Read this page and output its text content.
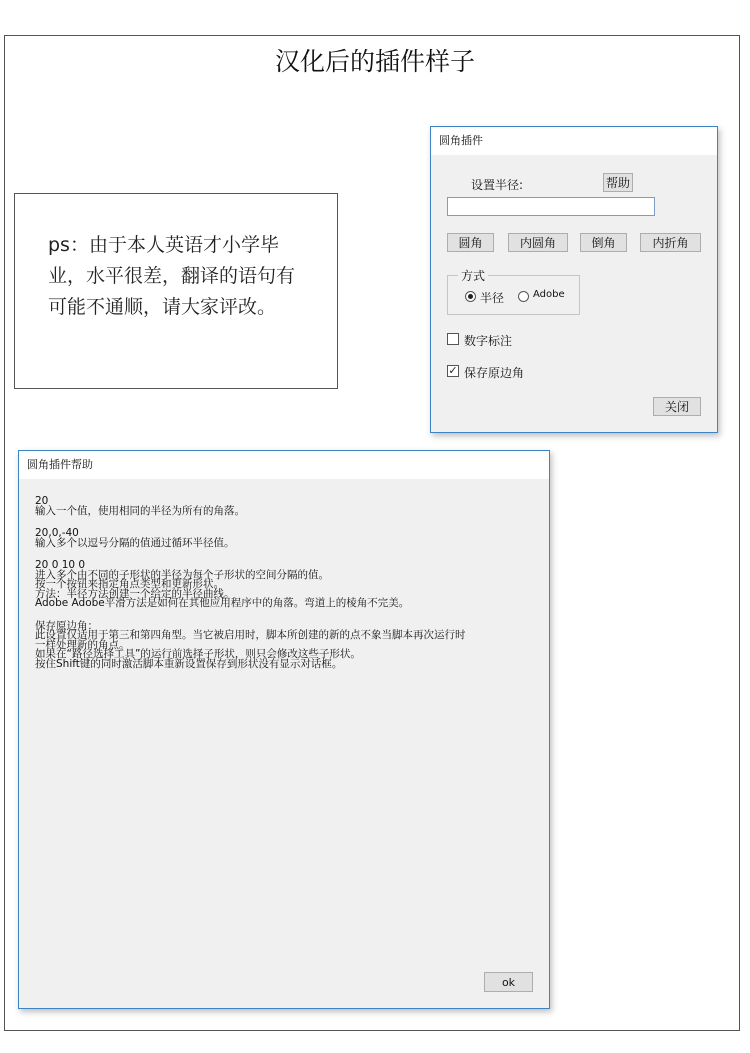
汉化后的插件样子
ps：由于本人英语才小学毕业，水平很差，翻译的语句有可能不通顺，请大家评改。
圆角插件
设置半径:	帮助
圆角	内圆角	倒角	内折角
方式
半径	Adobe
数字标注
✓ 保存原边角
关闭
圆角插件帮助
20
输入一个值，使用相同的半径为所有的角落。
20,0,-40
输入多个以逗号分隔的值通过循环半径值。
20 0 10 0
进入多个由不同的子形状的半径为每个子形状的空间分隔的值。
按一个按钮来指定角点类型和更新形状。
方法：半径方法创建一个给定的半径曲线。
Adobe Adobe平滑方法是如何在其他应用程序中的角落。弯道上的棱角不完美。
保存原边角：
此设置仅适用于第三和第四角型。当它被启用时，脚本所创建的新的点不象当脚本再次运行时
一样处理新的角点。
如果在“路径选择工具”的运行前选择子形状，则只会修改这些子形状。
按住Shift键的同时激活脚本重新设置保存到形状没有显示对话框。
ok
